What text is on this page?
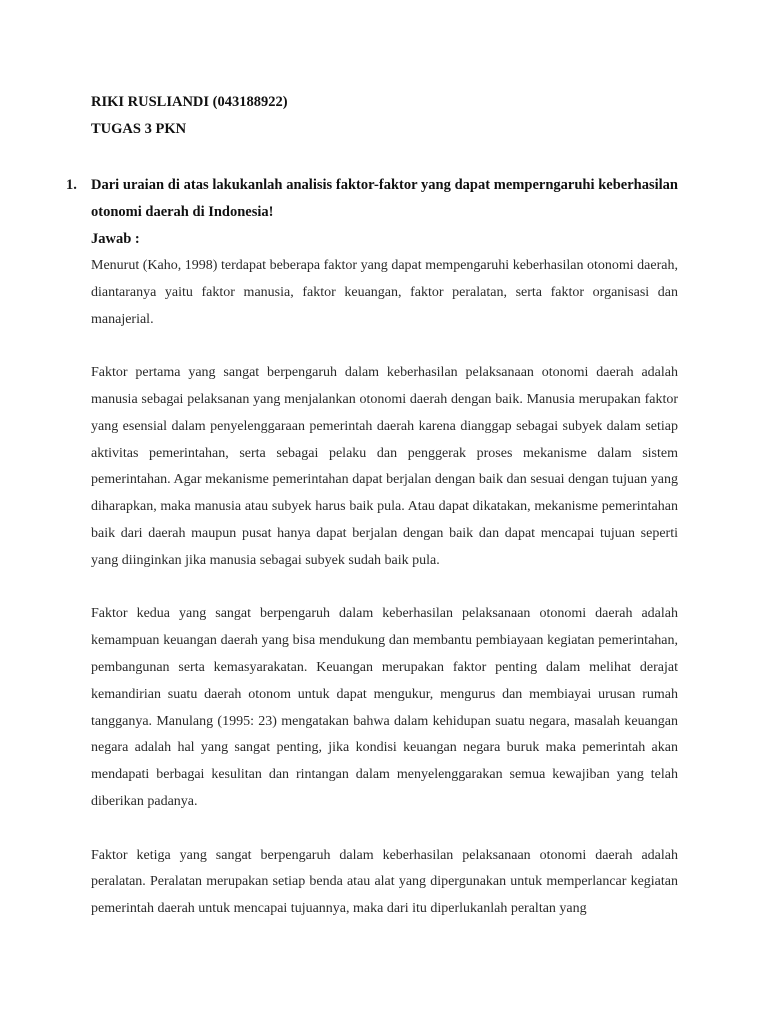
RIKI RUSLIANDI (043188922)
TUGAS 3 PKN
1. Dari uraian di atas lakukanlah analisis faktor-faktor yang dapat memperngaruhi keberhasilan otonomi daerah di Indonesia!

Jawab :

Menurut (Kaho, 1998) terdapat beberapa faktor yang dapat mempengaruhi keberhasilan otonomi daerah, diantaranya yaitu faktor manusia, faktor keuangan, faktor peralatan, serta faktor organisasi dan manajerial.

Faktor pertama yang sangat berpengaruh dalam keberhasilan pelaksanaan otonomi daerah adalah manusia sebagai pelaksanan yang menjalankan otonomi daerah dengan baik. Manusia merupakan faktor yang esensial dalam penyelenggaraan pemerintah daerah karena dianggap sebagai subyek dalam setiap aktivitas pemerintahan, serta sebagai pelaku dan penggerak proses mekanisme dalam sistem pemerintahan. Agar mekanisme pemerintahan dapat berjalan dengan baik dan sesuai dengan tujuan yang diharapkan, maka manusia atau subyek harus baik pula. Atau dapat dikatakan, mekanisme pemerintahan baik dari daerah maupun pusat hanya dapat berjalan dengan baik dan dapat mencapai tujuan seperti yang diinginkan jika manusia sebagai subyek sudah baik pula.

Faktor kedua yang sangat berpengaruh dalam keberhasilan pelaksanaan otonomi daerah adalah kemampuan keuangan daerah yang bisa mendukung dan membantu pembiayaan kegiatan pemerintahan, pembangunan serta kemasyarakatan. Keuangan merupakan faktor penting dalam melihat derajat kemandirian suatu daerah otonom untuk dapat mengukur, mengurus dan membiayai urusan rumah tangganya. Manulang (1995: 23) mengatakan bahwa dalam kehidupan suatu negara, masalah keuangan negara adalah hal yang sangat penting, jika kondisi keuangan negara buruk maka pemerintah akan mendapati berbagai kesulitan dan rintangan dalam menyelenggarakan semua kewajiban yang telah diberikan padanya.

Faktor ketiga yang sangat berpengaruh dalam keberhasilan pelaksanaan otonomi daerah adalah peralatan. Peralatan merupakan setiap benda atau alat yang dipergunakan untuk memperlancar kegiatan pemerintah daerah untuk mencapai tujuannya, maka dari itu diperlukanlah peraltan yang
